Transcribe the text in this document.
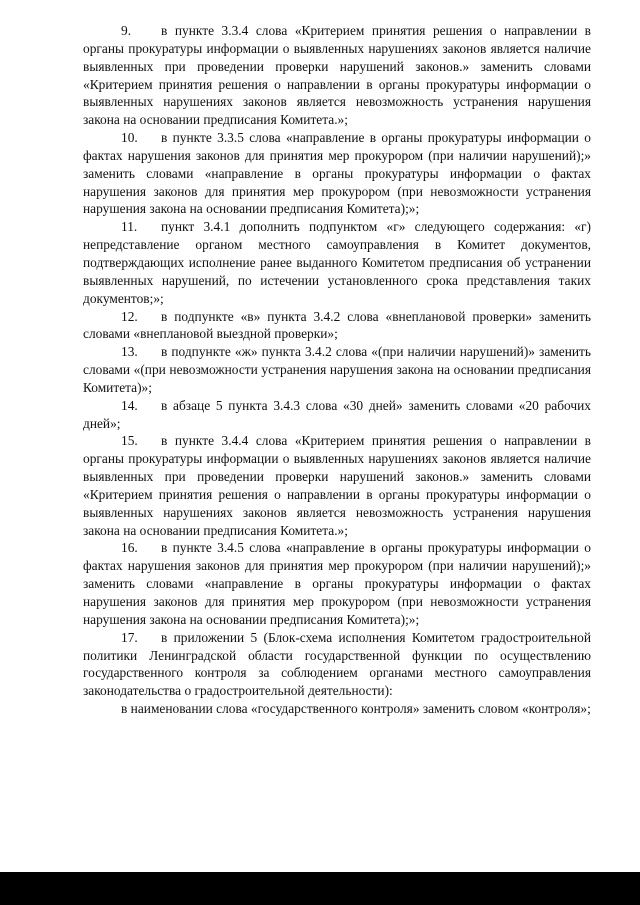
9. в пункте 3.3.4 слова «Критерием принятия решения о направлении в органы прокуратуры информации о выявленных нарушениях законов является наличие выявленных при проведении проверки нарушений законов.» заменить словами «Критерием принятия решения о направлении в органы прокуратуры информации о выявленных нарушениях законов является невозможность устранения нарушения закона на основании предписания Комитета.»;

10. в пункте 3.3.5 слова «направление в органы прокуратуры информации о фактах нарушения законов для принятия мер прокурором (при наличии нарушений);» заменить словами «направление в органы прокуратуры информации о фактах нарушения законов для принятия мер прокурором (при невозможности устранения нарушения закона на основании предписания Комитета);»;

11. пункт 3.4.1 дополнить подпунктом «г» следующего содержания: «г) непредставление органом местного самоуправления в Комитет документов, подтверждающих исполнение ранее выданного Комитетом предписания об устранении выявленных нарушений, по истечении установленного срока представления таких документов;»;

12. в подпункте «в» пункта 3.4.2 слова «внеплановой проверки» заменить словами «внеплановой выездной проверки»;

13. в подпункте «ж» пункта 3.4.2 слова «(при наличии нарушений)» заменить словами «(при невозможности устранения нарушения закона на основании предписания Комитета)»;

14. в абзаце 5 пункта 3.4.3 слова «30 дней» заменить словами «20 рабочих дней»;

15. в пункте 3.4.4 слова «Критерием принятия решения о направлении в органы прокуратуры информации о выявленных нарушениях законов является наличие выявленных при проведении проверки нарушений законов.» заменить словами «Критерием принятия решения о направлении в органы прокуратуры информации о выявленных нарушениях законов является невозможность устранения нарушения закона на основании предписания Комитета.»;

16. в пункте 3.4.5 слова «направление в органы прокуратуры информации о фактах нарушения законов для принятия мер прокурором (при наличии нарушений);» заменить словами «направление в органы прокуратуры информации о фактах нарушения законов для принятия мер прокурором (при невозможности устранения нарушения закона на основании предписания Комитета);»;

17. в приложении 5 (Блок-схема исполнения Комитетом градостроительной политики Ленинградской области государственной функции по осуществлению государственного контроля за соблюдением органами местного самоуправления законодательства о градостроительной деятельности):

в наименовании слова «государственного контроля» заменить словом «контроля»;
